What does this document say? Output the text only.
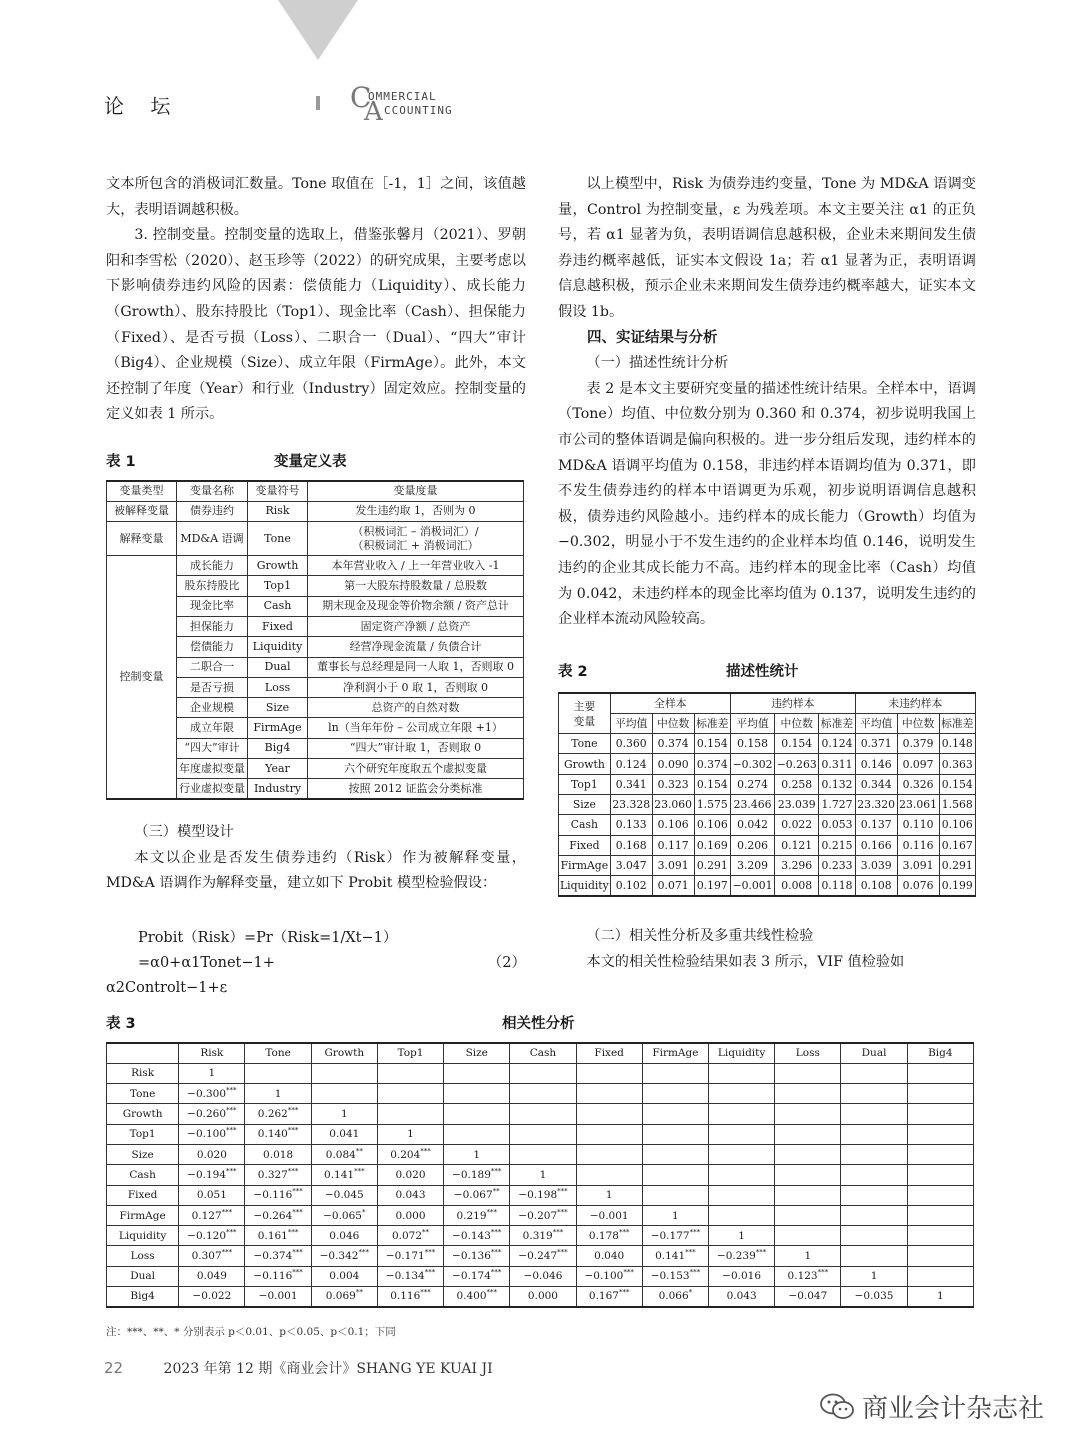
论 坛	C
OMMERCIAL
A CCOUNTING

文本所包含的消极词汇数量。Tone 取值在［-1，1］之间，该值越大，表明语调越积极。

3. 控制变量。控制变量的选取上，借鉴张馨月（2021）、罗朝阳和李雪松（2020）、赵玉珍等（2022）的研究成果，主要考虑以下影响债券违约风险的因素：偿债能力（Liquidity）、成长能力（Growth）、股东持股比（Top1）、现金比率（Cash）、担保能力（Fixed）、是否亏损（Loss）、二职合一（Dual）、“四大”审计（Big4）、企业规模（Size）、成立年限（FirmAge）。此外，本文还控制了年度（Year）和行业（Industry）固定效应。控制变量的定义如表 1 所示。

表 1	变量定义表
变量类型	变量名称	变量符号	变量度量
被解释变量	债券违约	Risk	发生违约取 1，否则为 0
解释变量	MD&A 语调	Tone	（积极词汇 – 消极词汇）/
（积极词汇 + 消极词汇）

控制变量	成长能力	Growth	本年营业收入 / 上一年营业收入 -1
	股东持股比	Top1	第一大股东持股数量 / 总股数
	现金比率	Cash	期末现金及现金等价物余额 / 资产总计
	担保能力	Fixed	固定资产净额 / 总资产
	偿债能力	Liquidity	经营净现金流量 / 负债合计
	二职合一	Dual	董事长与总经理是同一人取 1，否则取 0
	是否亏损	Loss	净利润小于 0 取 1，否则取 0
	企业规模	Size	总资产的自然对数
	成立年限	FirmAge	ln（当年年份 – 公司成立年限 +1）
	“四大”审计	Big4	“四大”审计取 1，否则取 0
	年度虚拟变量	Year	六个研究年度取五个虚拟变量
	行业虚拟变量	Industry	按照 2012 证监会分类标准
（三）模型设计

本文以企业是否发生债券违约（Risk）作为被解释变量，MD&A 语调作为解释变量，建立如下 Probit 模型检验假设：

Probit（Risk）=Pr（Risk=1/Xt−1）=α0+α1Tonet−1+
α2Controlt−1+ε
（2）

以上模型中，Risk 为债券违约变量，Tone 为 MD&A 语调变量，Control 为控制变量，ε 为残差项。本文主要关注 α1 的正负号，若 α1 显著为负，表明语调信息越积极，企业未来期间发生债券违约概率越低，证实本文假设 1a；若 α1 显著为正，表明语调信息越积极，预示企业未来期间发生债券违约概率越大，证实本文假设 1b。

四、实证结果与分析
（一）描述性统计分析

表 2 是本文主要研究变量的描述性统计结果。全样本中，语调（Tone）均值、中位数分别为 0.360 和 0.374，初步说明我国上市公司的整体语调是偏向积极的。进一步分组后发现，违约样本的 MD&A 语调平均值为 0.158，非违约样本语调均值为 0.371，即不发生债券违约的样本中语调更为乐观，初步说明语调信息越积极，债券违约风险越小。违约样本的成长能力（Growth）均值为 −0.302，明显小于不发生违约的企业样本均值 0.146，说明发生违约的企业其成长能力不高。违约样本的现金比率（Cash）均值为 0.042，未违约样本的现金比率均值为 0.137，说明发生违约的企业样本流动风险较高。

表 2	描述性统计
主要
变量	全样本			违约样本			未违约样本		
	平均值	中位数	标准差	平均值	中位数	标准差	平均值	中位数	标准差
Tone	0.360	0.374	0.154	0.158	0.154	0.124	0.371	0.379	0.148
Growth	0.124	0.090	0.374	−0.302	−0.263	0.311	0.146	0.097	0.363
Top1	0.341	0.323	0.154	0.274	0.258	0.132	0.344	0.326	0.154
Size	23.328	23.060	1.575	23.466	23.039	1.727	23.320	23.061	1.568
Cash	0.133	0.106	0.106	0.042	0.022	0.053	0.137	0.110	0.106
Fixed	0.168	0.117	0.169	0.206	0.121	0.215	0.166	0.116	0.167
FirmAge	3.047	3.091	0.291	3.209	3.296	0.233	3.039	3.091	0.291
Liquidity	0.102	0.071	0.197	−0.001	0.008	0.118	0.108	0.076	0.199
（二）相关性分析及多重共线性检验

本文的相关性检验结果如表 3 所示，VIF 值检验如

表 3	相关性分析
	Risk	Tone	Growth	Top1	Size	Cash	Fixed	FirmAge	Liquidity	Loss	Dual	Big4
Risk	1											
Tone	−0.300***	1										
Growth	−0.260***	0.262***	1									
Top1	−0.100***	0.140***	0.041	1								
Size	0.020	0.018	0.084**	0.204***	1							
Cash	−0.194***	0.327***	0.141***	0.020	−0.189***	1						
Fixed	0.051	−0.116***	−0.045	0.043	−0.067**	−0.198***	1					
FirmAge	0.127***	−0.264***	−0.065*	0.000	0.219***	−0.207***	−0.001	1				
Liquidity	−0.120***	0.161***	0.046	0.072**	−0.143***	0.319***	0.178***	−0.177***	1			
Loss	0.307***	−0.374***	−0.342***	−0.171***	−0.136***	−0.247***	0.040	0.141***	−0.239***	1		
Dual	0.049	−0.116***	0.004	−0.134***	−0.174***	−0.046	−0.100***	−0.153***	−0.016	0.123***	1	
Big4	−0.022	−0.001	0.069**	0.116***	0.400***	0.000	0.167***	0.066*	0.043	−0.047	−0.035	1
注：***、**、* 分别表示 p＜0.01、p＜0.05、p＜0.1；下同
22	2023 年第 12 期《商业会计》SHANG YE KUAI JI
商业会计杂志社
